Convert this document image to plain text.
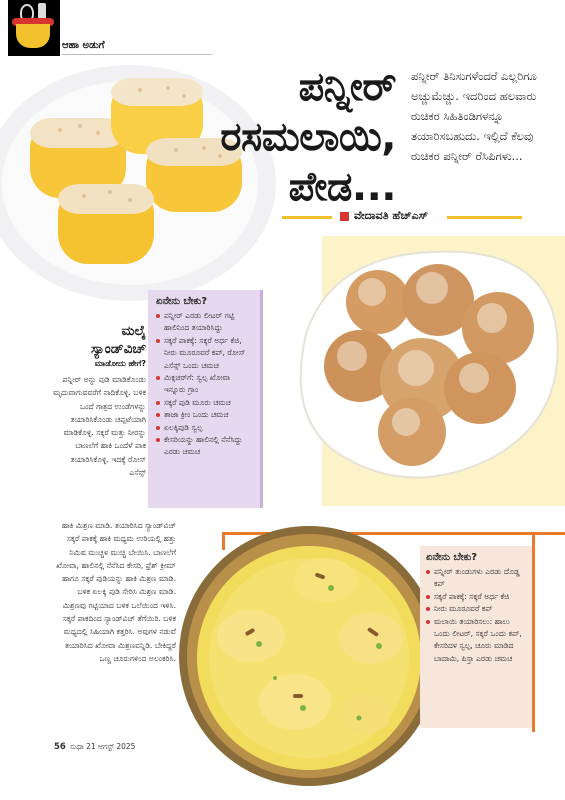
ಆಹಾ ಅಡುಗೆ
ಪನ್ನೀರ್
ರಸಮಲಾಯಿ,
ಪೇಡ...
ಪನ್ನೀರ್ ತಿನಿಸುಗಳೆಂದರೆ ಎಲ್ಲರಿಗೂ ಅಚ್ಚುಮೆಚ್ಚು. ಇದರಿಂದ ಹಲವಾರು ರುಚಿಕರ ಸಿಹಿತಿಂಡಿಗಳನ್ನೂ ತಯಾರಿಸಬಹುದು. ಇಲ್ಲಿದೆ ಕೆಲವು ರುಚಿಕರ ಪನ್ನೀರ್ ರೆಸಿಪಿಗಳು...
ವೇದಾವತಿ ಹೆಚ್‌ಎಸ್
ಏನೇನು ಬೇಕು?
ಪನ್ನೀರ್ ಎರಡು ಲೀಟರ್ ಗಟ್ಟಿ ಹಾಲಿನಿಂದ ತಯಾರಿಸಿದ್ದು
ಸಕ್ಕರೆ ಪಾಕಕ್ಕೆ: ಸಕ್ಕರೆ ಅರ್ಧ ಕೆಜಿ, ನೀರು ಮೂರೂವರೆ ಕಪ್, ರೋಸ್ ಎಸೆನ್ಸ್ ಒಂದು ಚಮಚ
ಮಿಕ್ಸಚರ್‌ಗೆ: ಸ್ವಲ್ಪ ಖೋವಾ ಇನ್ನೂರು ಗ್ರಾಂ
ಸಕ್ಕರೆ ಪುಡಿ ಮೂರು ಚಮಚ
ತಾಜಾ ಕ್ರೀಂ ಒಂದು ಚಮಚ
ಏಲಕ್ಕಿಪುಡಿ ಸ್ವಲ್ಪ
ಕೇಸರಿಯನ್ನು ಹಾಲಿನಲ್ಲಿ ನೆನೆಸಿದ್ದು ಎರಡು ಚಮಚ
ಮಲೈ
ಸ್ಯಾಂಡ್‌ವಿಚ್
ಮಾಡೋದು ಹೇಗೆ?
ಪನ್ನೀರ್ ಅನ್ನು ಪುಡಿ ಮಾಡಿಕೊಂಡು ಮೃದುವಾಗುವವರೆಗೆ ನಾದಿಕೊಳ್ಳಿ. ಬಳಿಕ ಒಂದೆ ಗಾತ್ರದ ಉಂಡೆಗಳನ್ನು ತಯಾರಿಸಿಕೊಂಡು ಚಪ್ಪಟೆಯಾಗಿ ಮಾಡಿಕೊಳ್ಳಿ. ಸಕ್ಕರೆ ಮತ್ತು ನೀರನ್ನು ಬಾಣಲೆಗೆ ಹಾಕಿ ಒಂದೆಳೆ ಪಾಕ ತಯಾರಿಸಿಕೊಳ್ಳಿ. ಇದಕ್ಕೆ ರೋಸ್ ಎಸೆನ್ಸ್
ಹಾಕಿ ಮಿಶ್ರಣ ಮಾಡಿ. ತಯಾರಿಸಿದ ಸ್ಯಾಂಡ್‌ವಿಚ್ ಸಕ್ಕರೆ ಪಾಕಕ್ಕೆ ಹಾಕಿ ಮಧ್ಯಮ ಉರಿಯಲ್ಲಿ ಹತ್ತು ನಿಮಿಷ ಮುಚ್ಚಳ ಮುಚ್ಚಿ ಬೇಯಿಸಿ. ಬಾಣಲೆಗೆ ಖೋವಾ, ಹಾಲಿನಲ್ಲಿ ನೆನೆಸಿದ ಕೇಸರಿ, ಫ್ರೆಶ್ ಕ್ರೀಮ್ ಹಾಗೂ ಸಕ್ಕರೆ ಪುಡಿಯನ್ನು ಹಾಕಿ ಮಿಶ್ರಣ ಮಾಡಿ. ಬಳಿಕ ಏಲಕ್ಕಿ ಪುಡಿ ಸೇರಿಸಿ ಮಿಶ್ರಣ ಮಾಡಿ. ಮಿಶ್ರಣವು ಗಟ್ಟಿಯಾದ ಬಳಿಕ ಒಲೆಯಿಂದ ಇಳಿಸಿ. ಸಕ್ಕರೆ ಪಾಕದಿಂದ ಸ್ಯಾಂಡ್‌ವಿಚ್ ತೆಗೆಯಿರಿ. ಬಳಿಕ ಮಧ್ಯದಲ್ಲಿ ಸಿಹಿಯಾಗಿ ಕತ್ತರಿಸಿ. ಅವುಗಳ ನಡುವೆ ತಯಾರಿಸಿದ ಖೋವಾ ಮಿಶ್ರಣವನ್ನಿಡಿ. ಬೇಕಿದ್ದರೆ ಒಣ್ಣ ಚೂರುಗಳಿಂದ ಅಲಂಕರಿಸಿ.
ಏನೇನು ಬೇಕು?
ಪನ್ನೀರ್ ತುಂಡುಗಳು ಎರಡು ದೊಡ್ಡ ಕಪ್
ಸಕ್ಕರೆ ಪಾಕಕ್ಕೆ: ಸಕ್ಕರೆ ಅರ್ಧ ಕೆಜಿ
ನೀರು ಮೂರೂವರೆ ಕಪ್
ಮಲಾಯಿ ತಯಾರಿಸಲು: ಹಾಲು ಒಂದು ಲೀಟರ್, ಸಕ್ಕರೆ ಒಂದು ಕಪ್, ಕೇಸರಿದಳ ಸ್ವಲ್ಪ, ಚೂರು ಮಾಡಿದ ಬಾದಾಮಿ, ಪಿಸ್ತಾ ಎರಡು ಚಮಚ
56 ಸುಧಾ 21 ಆಗಸ್ಟ್ 2025
